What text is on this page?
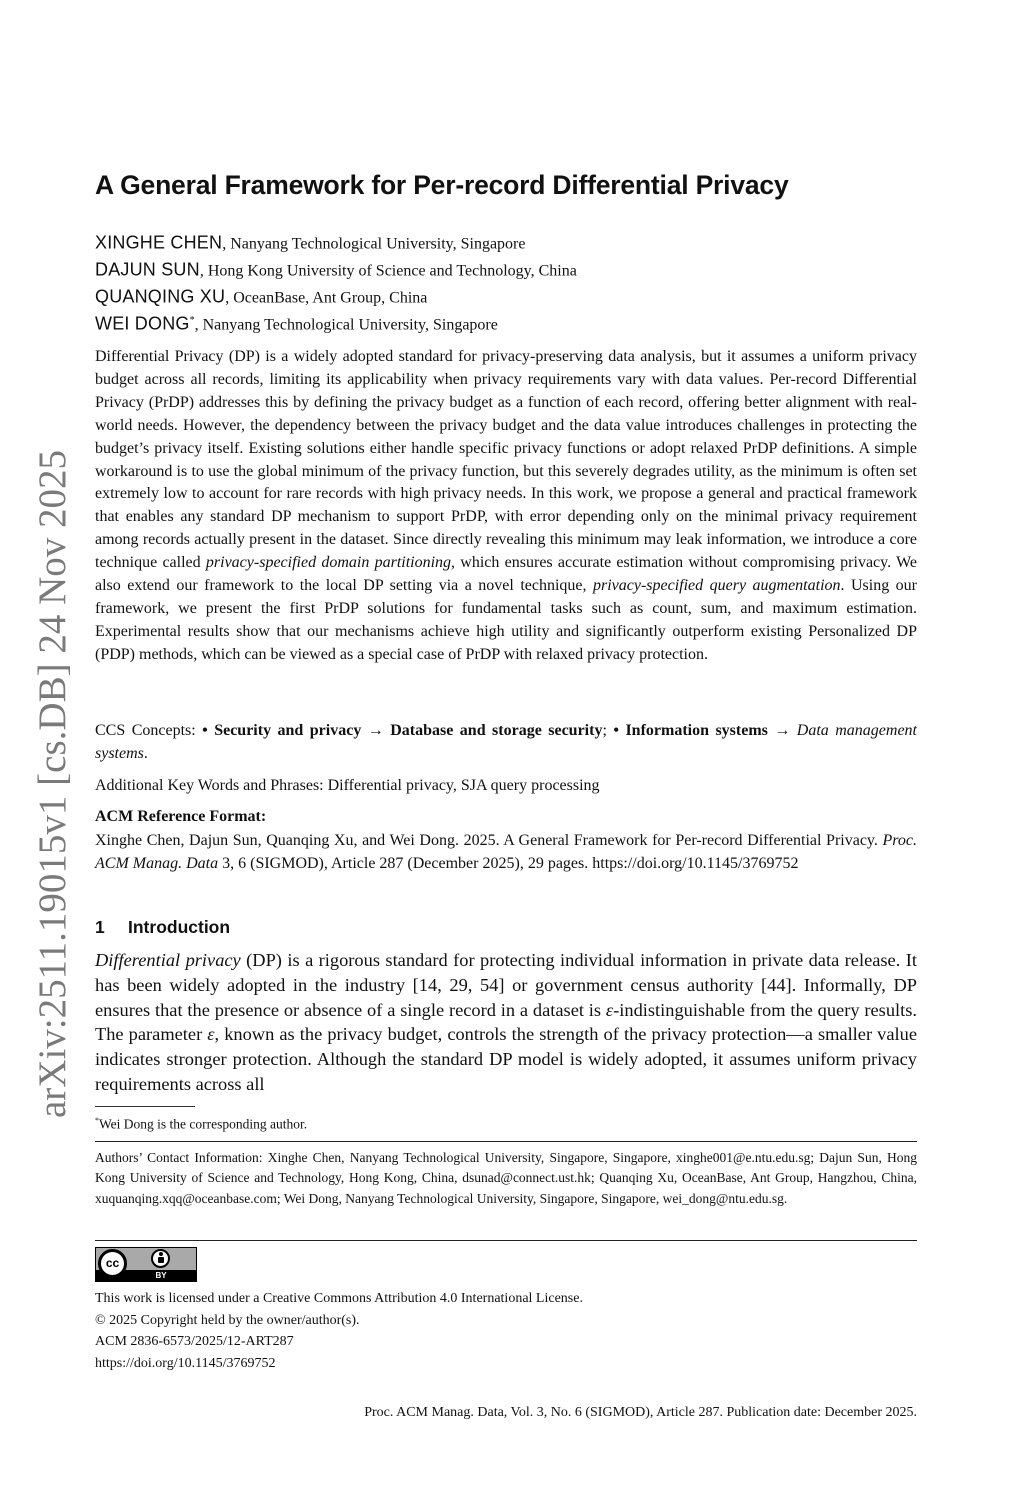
arXiv:2511.19015v1 [cs.DB] 24 Nov 2025
A General Framework for Per-record Differential Privacy
XINGHE CHEN, Nanyang Technological University, Singapore
DAJUN SUN, Hong Kong University of Science and Technology, China
QUANQING XU, OceanBase, Ant Group, China
WEI DONG*, Nanyang Technological University, Singapore

Differential Privacy (DP) is a widely adopted standard for privacy-preserving data analysis, but it assumes a uniform privacy budget across all records, limiting its applicability when privacy requirements vary with data values. Per-record Differential Privacy (PrDP) addresses this by defining the privacy budget as a function of each record, offering better alignment with real-world needs. However, the dependency between the privacy budget and the data value introduces challenges in protecting the budget’s privacy itself. Existing solutions either handle specific privacy functions or adopt relaxed PrDP definitions. A simple workaround is to use the global minimum of the privacy function, but this severely degrades utility, as the minimum is often set extremely low to account for rare records with high privacy needs. In this work, we propose a general and practical framework that enables any standard DP mechanism to support PrDP, with error depending only on the minimal privacy requirement among records actually present in the dataset. Since directly revealing this minimum may leak information, we introduce a core technique called privacy-specified domain partitioning, which ensures accurate estimation without compromising privacy. We also extend our framework to the local DP setting via a novel technique, privacy-specified query augmentation. Using our framework, we present the first PrDP solutions for fundamental tasks such as count, sum, and maximum estimation. Experimental results show that our mechanisms achieve high utility and significantly outperform existing Personalized DP (PDP) methods, which can be viewed as a special case of PrDP with relaxed privacy protection.

CCS Concepts: • Security and privacy → Database and storage security; • Information systems → Data management systems.

Additional Key Words and Phrases: Differential privacy, SJA query processing

ACM Reference Format:

Xinghe Chen, Dajun Sun, Quanqing Xu, and Wei Dong. 2025. A General Framework for Per-record Differential Privacy. Proc. ACM Manag. Data 3, 6 (SIGMOD), Article 287 (December 2025), 29 pages. https://doi.org/10.1145/3769752

1 Introduction

Differential privacy (DP) is a rigorous standard for protecting individual information in private data release. It has been widely adopted in the industry [14, 29, 54] or government census authority [44]. Informally, DP ensures that the presence or absence of a single record in a dataset is ε-indistinguishable from the query results. The parameter ε, known as the privacy budget, controls the strength of the privacy protection—a smaller value indicates stronger protection. Although the standard DP model is widely adopted, it assumes uniform privacy requirements across all

*Wei Dong is the corresponding author.

Authors’ Contact Information: Xinghe Chen, Nanyang Technological University, Singapore, Singapore, xinghe001@e.ntu.edu.sg; Dajun Sun, Hong Kong University of Science and Technology, Hong Kong, China, dsunad@connect.ust.hk; Quanqing Xu, OceanBase, Ant Group, Hangzhou, China, xuquanqing.xqq@oceanbase.com; Wei Dong, Nanyang Technological University, Singapore, Singapore, wei_dong@ntu.edu.sg.

cc
BY
This work is licensed under a Creative Commons Attribution 4.0 International License.
© 2025 Copyright held by the owner/author(s).
ACM 2836-6573/2025/12-ART287
https://doi.org/10.1145/3769752

Proc. ACM Manag. Data, Vol. 3, No. 6 (SIGMOD), Article 287. Publication date: December 2025.
